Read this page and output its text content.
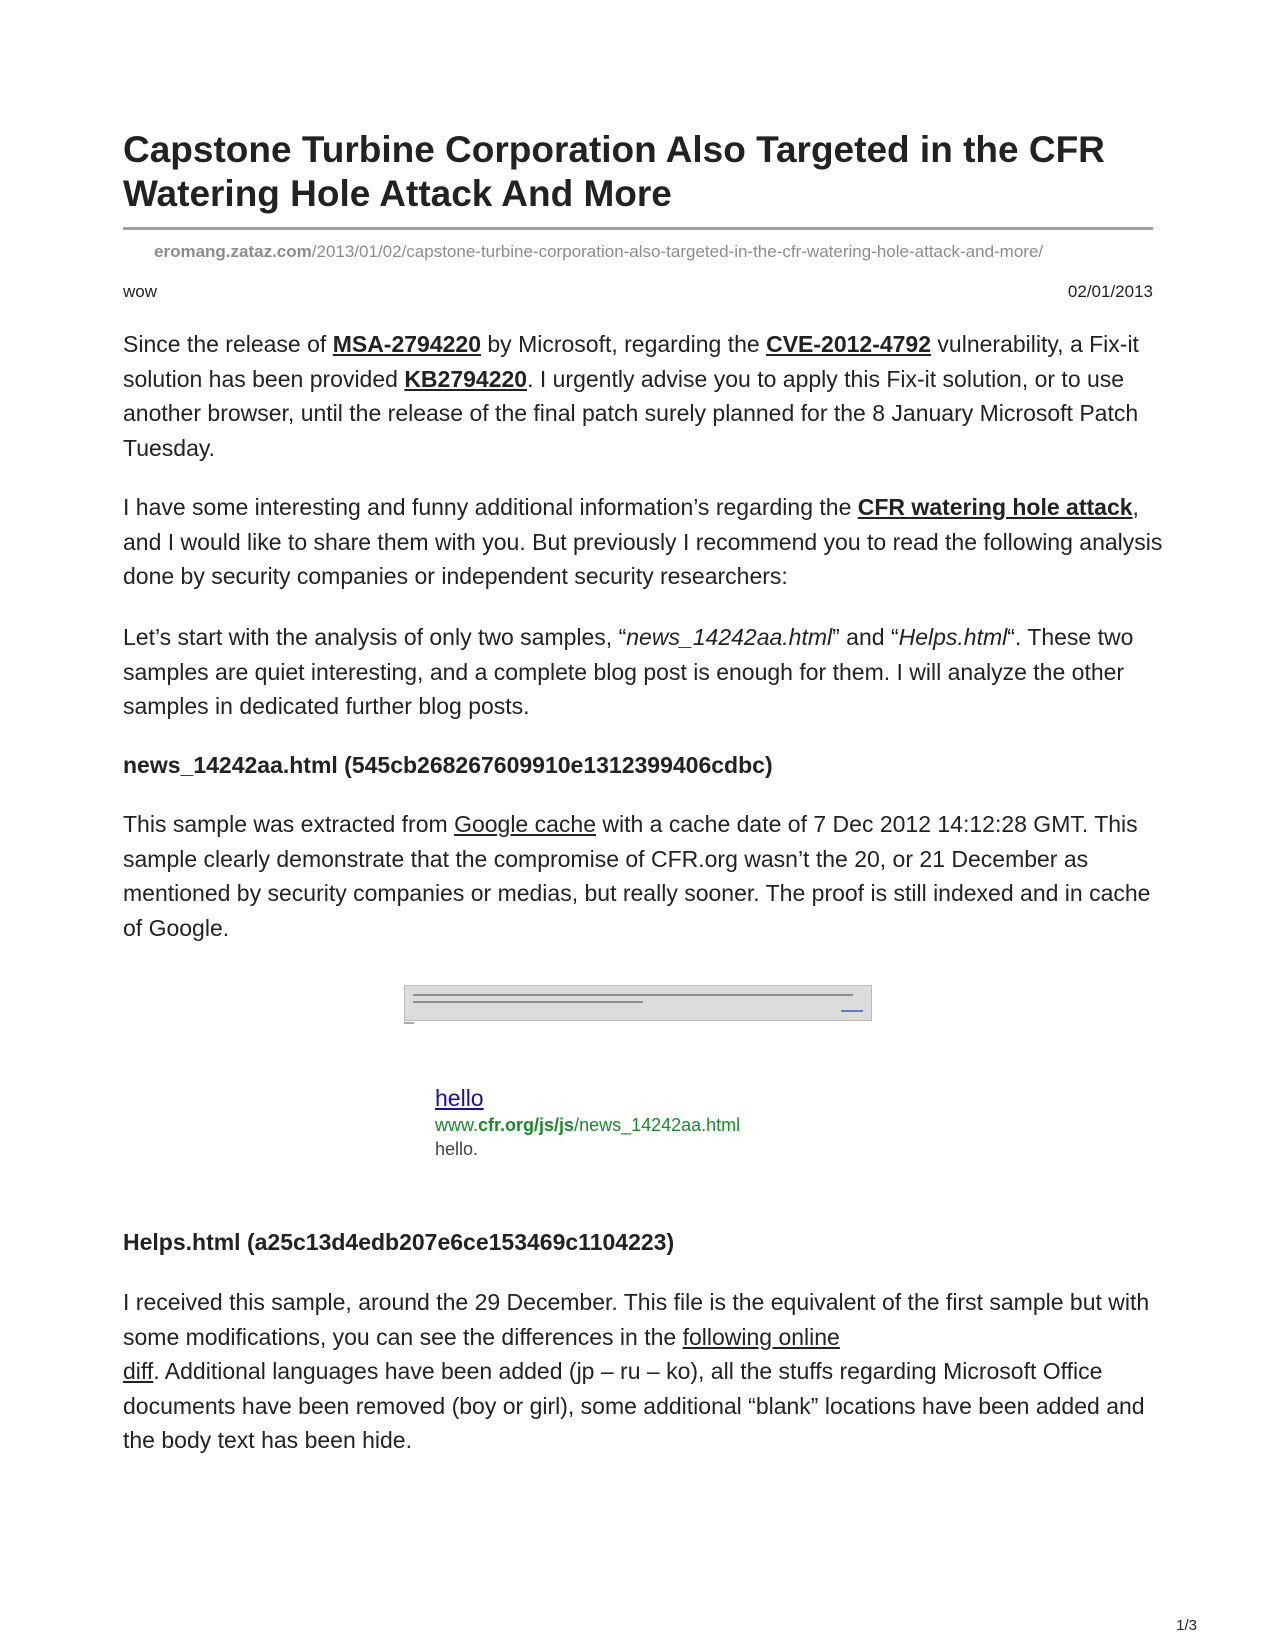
Capstone Turbine Corporation Also Targeted in the CFR Watering Hole Attack And More
eromang.zataz.com/2013/01/02/capstone-turbine-corporation-also-targeted-in-the-cfr-watering-hole-attack-and-more/
wow	02/01/2013

Since the release of MSA-2794220 by Microsoft, regarding the CVE-2012-4792 vulnerability, a Fix-it solution has been provided KB2794220. I urgently advise you to apply this Fix-it solution, or to use another browser, until the release of the final patch surely planned for the 8 January Microsoft Patch Tuesday.

I have some interesting and funny additional information’s regarding the CFR watering hole attack, and I would like to share them with you. But previously I recommend you to read the following analysis done by security companies or independent security researchers:

Let’s start with the analysis of only two samples, “news_14242aa.html” and “Helps.html“. These two samples are quiet interesting, and a complete blog post is enough for them. I will analyze the other samples in dedicated further blog posts.

news_14242aa.html (545cb268267609910e1312399406cdbc)

This sample was extracted from Google cache with a cache date of 7 Dec 2012 14:12:28 GMT. This sample clearly demonstrate that the compromise of CFR.org wasn’t the 20, or 21 December as mentioned by security companies or medias, but really sooner. The proof is still indexed and in cache of Google.

Helps.html (a25c13d4edb207e6ce153469c1104223)

I received this sample, around the 29 December. This file is the equivalent of the first sample but with some modifications, you can see the differences in the following online
diff. Additional languages have been added (jp – ru – ko), all the stuffs regarding Microsoft Office documents have been removed (boy or girl), some additional “blank” locations have been added and the body text has been hide.

hello
www.cfr.org/js/js/news_14242aa.html
hello.
1/3
